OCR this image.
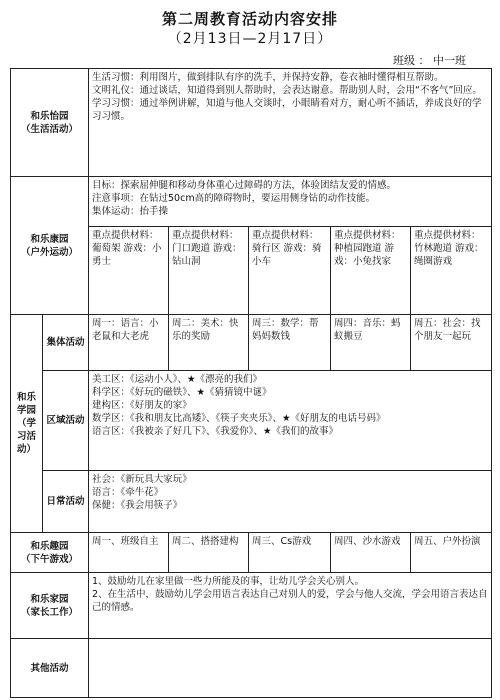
第二周教育活动内容安排
（2月13日—2月17日）
班级 ： 中一班
和乐怡园
（生活活动）		生活习惯：利用图片，做到排队有序的洗手，并保持安静，卷衣袖时懂得相互帮助。
文明礼仪：通过谈话，知道得到别人帮助时，会表达谢意。帮助别人时，会用“不客气”回应。
学习习惯：通过举例讲解，知道与他人交谈时，小眼睛看对方，耐心听不插话，养成良好的学习习惯。				

和乐康园
（户外运动）		目标：探索屈伸腿和移动身体重心过障碍的方法，体验团结友爱的情感。
注意事项：在钻过50cm高的障碍物时，要运用侧身钻的动作技能。
集体运动：抬手操				

		重点提供材料：葡萄架 游戏：小勇士	重点提供材料：门口跑道 游戏：钻山洞	重点提供材料：骑行区 游戏：骑小车	重点提供材料：种植园跑道 游戏：小兔找家	重点提供材料：竹林跑道 游戏：绳圈游戏
和乐学园（学习活动）	集体活动	周一：语言：小老鼠和大老虎	周二：美术：快乐的奖励	周三：数学：帮妈妈数钱	周四：音乐：蚂蚁搬豆	周五：社会：找个朋友一起玩
	区域活动	美工区：《运动小人》、★《漂亮的我们》
科学区：《好玩的磁铁》、★《猜猜镜中谜》
建构区：《好朋友的家》
数学区：《我和朋友比高矮》、《筷子夹夹乐》、★《好朋友的电话号码》
语言区：《我被亲了好几下》、《我爱你》、★《我们的故事》				

	日常活动	社会：《新玩具大家玩》
语言：《牵牛花》
保健：《我会用筷子》				

和乐趣园
（下午游戏）		周一、班级自主	周二、搭搭建构	周三、Cs游戏	周四、沙水游戏	周五、户外扮演

和乐家园
（家长工作）		1、鼓励幼儿在家里做一些力所能及的事，让幼儿学会关心别人。
2、在生活中，鼓励幼儿学会用语言表达自己对别人的爱，学会与他人交流，学会用语言表达自己的情感。				

其他活动						
